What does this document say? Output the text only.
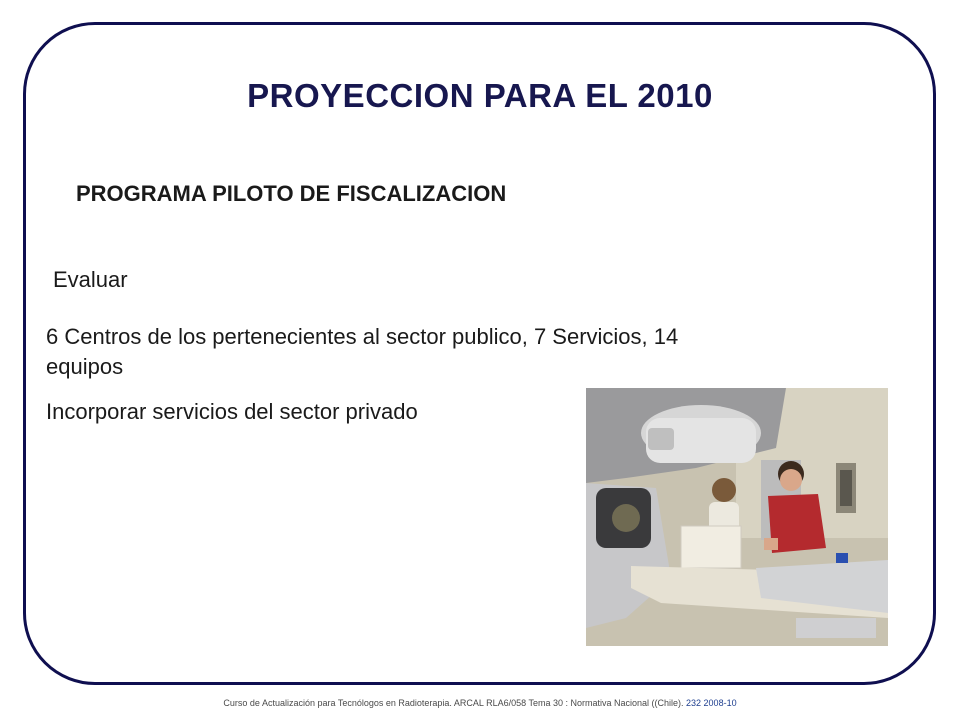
PROYECCION PARA EL 2010
PROGRAMA PILOTO DE FISCALIZACION
Evaluar
6 Centros de los pertenecientes al sector publico, 7 Servicios, 14
equipos
Incorporar servicios del sector privado
Curso de Actualización para Tecnólogos en Radioterapia. ARCAL RLA6/058 Tema 30 : Normativa Nacional ((Chile). 232 2008-10
